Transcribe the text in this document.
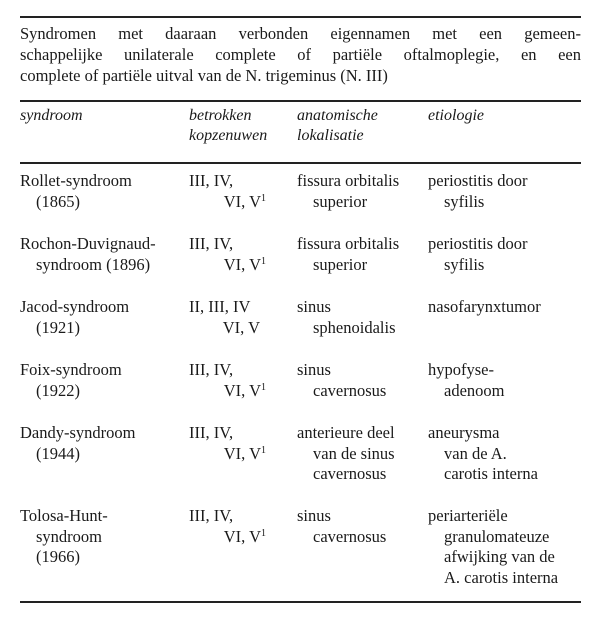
Syndromen met daaraan verbonden eigennamen met een gemeen-
schappelijke unilaterale complete of partiële oftalmoplegie, en een
complete of partiële uitval van de N. trigeminus (N. III)
syndroom	betrokken
kopzenuwen
anatomische
lokalisatie
etiologie
Rollet-syndroom
(1865)
III, IV,
VI, $V^1$
fissura orbitalis
superior
periostitis door
syfilis
Rochon-Duvignaud-
syndroom (1896)
III, IV,
VI, $V^1$
fissura orbitalis
superior
periostitis door
syfilis
Jacod-syndroom
(1921)
II, III, IV
VI, V
sinus
sphenoidalis
nasofarynxtumor
Foix-syndroom
(1922)
III, IV,
VI, $V^1$
sinus
cavernosus
hypofyse-
adenoom
Dandy-syndroom
(1944)
III, IV,
VI, $V^1$
anterieure deel
van de sinus
cavernosus
aneurysma
van de A.
carotis interna
Tolosa-Hunt-
syndroom
(1966)
III, IV,
VI, $V^1$
sinus
cavernosus
periarteriële
granulomateuze
afwijking van de
A. carotis interna
